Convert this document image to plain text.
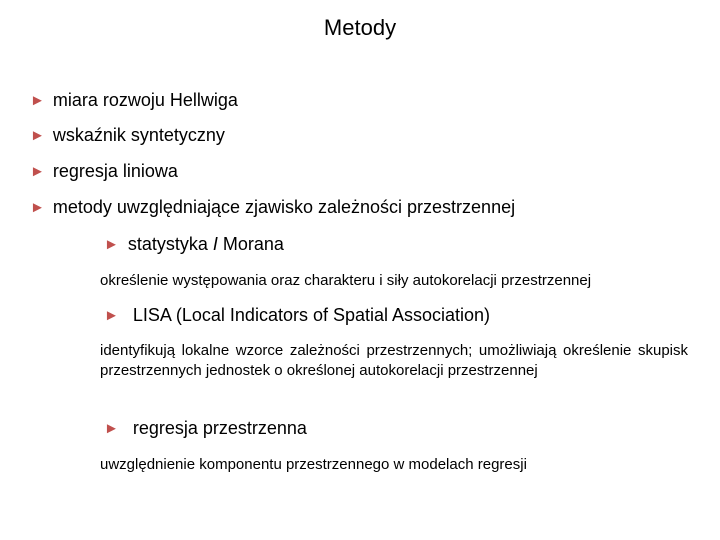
Metody
► miara rozwoju Hellwiga
► wskaźnik syntetyczny
► regresja liniowa
► metody uwzględniające zjawisko zależności przestrzennej
► statystyka I Morana
określenie występowania oraz charakteru i siły autokorelacji przestrzennej
► LISA (Local Indicators of Spatial Association)
identyfikują lokalne wzorce zależności przestrzennych; umożliwiają określenie skupisk przestrzennych jednostek o określonej autokorelacji przestrzennej
► regresja przestrzenna
uwzględnienie komponentu przestrzennego w modelach regresji
